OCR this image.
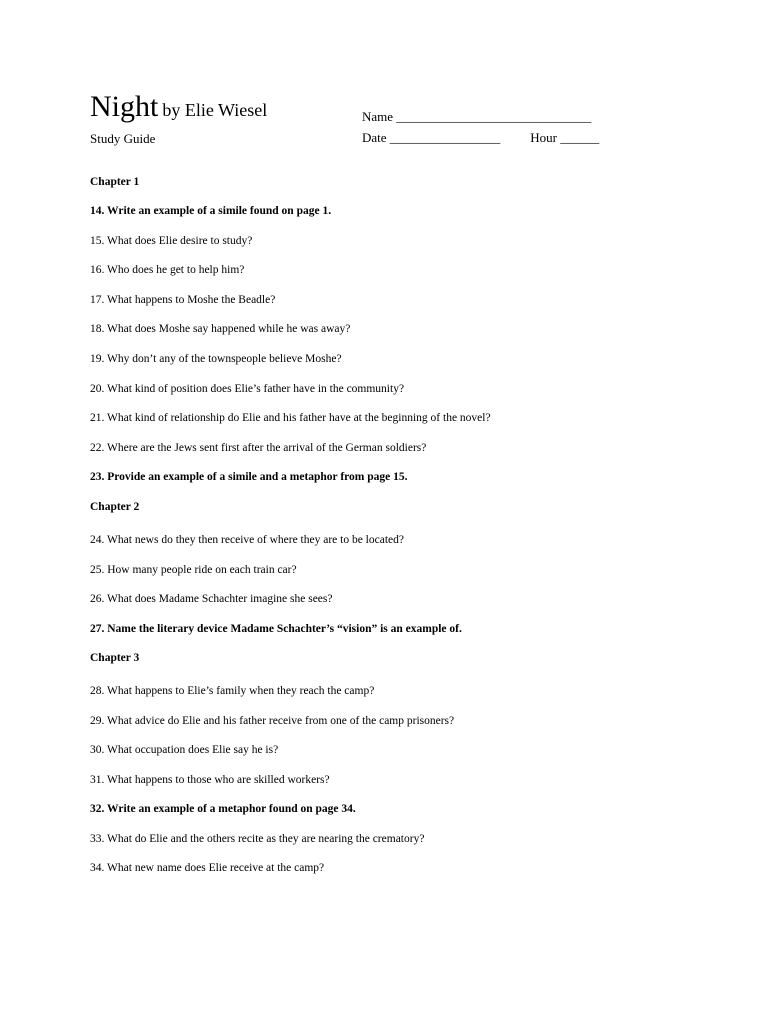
Night by Elie Wiesel
Study Guide
Name ______________________________
Date _________________ Hour ______
Chapter 1
14. Write an example of a simile found on page 1.
15. What does Elie desire to study?
16. Who does he get to help him?
17. What happens to Moshe the Beadle?
18. What does Moshe say happened while he was away?
19. Why don’t any of the townspeople believe Moshe?
20. What kind of position does Elie’s father have in the community?
21. What kind of relationship do Elie and his father have at the beginning of the novel?
22. Where are the Jews sent first after the arrival of the German soldiers?
23. Provide an example of a simile and a metaphor from page 15.
Chapter 2
24. What news do they then receive of where they are to be located?
25. How many people ride on each train car?
26. What does Madame Schachter imagine she sees?
27. Name the literary device Madame Schachter’s “vision” is an example of.
Chapter 3
28. What happens to Elie’s family when they reach the camp?
29. What advice do Elie and his father receive from one of the camp prisoners?
30. What occupation does Elie say he is?
31. What happens to those who are skilled workers?
32. Write an example of a metaphor found on page 34.
33. What do Elie and the others recite as they are nearing the crematory?
34. What new name does Elie receive at the camp?
